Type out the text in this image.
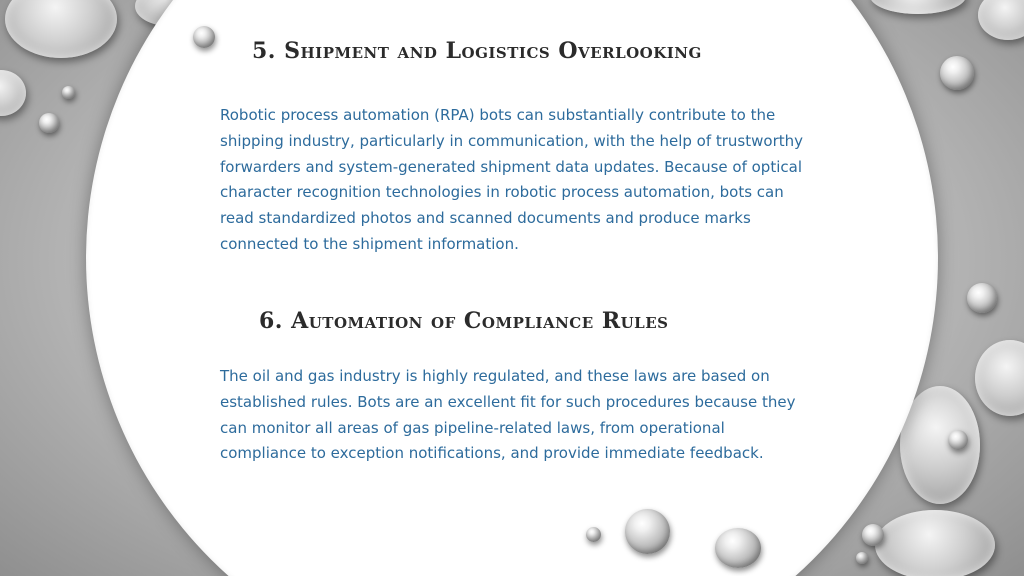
5. Shipment and Logistics Overlooking

Robotic process automation (RPA) bots can substantially contribute to the shipping industry, particularly in communication, with the help of trustworthy forwarders and system-generated shipment data updates. Because of optical character recognition technologies in robotic process automation, bots can read standardized photos and scanned documents and produce marks connected to the shipment information.

6. Automation of Compliance Rules

The oil and gas industry is highly regulated, and these laws are based on established rules. Bots are an excellent fit for such procedures because they can monitor all areas of gas pipeline-related laws, from operational compliance to exception notifications, and provide immediate feedback.
